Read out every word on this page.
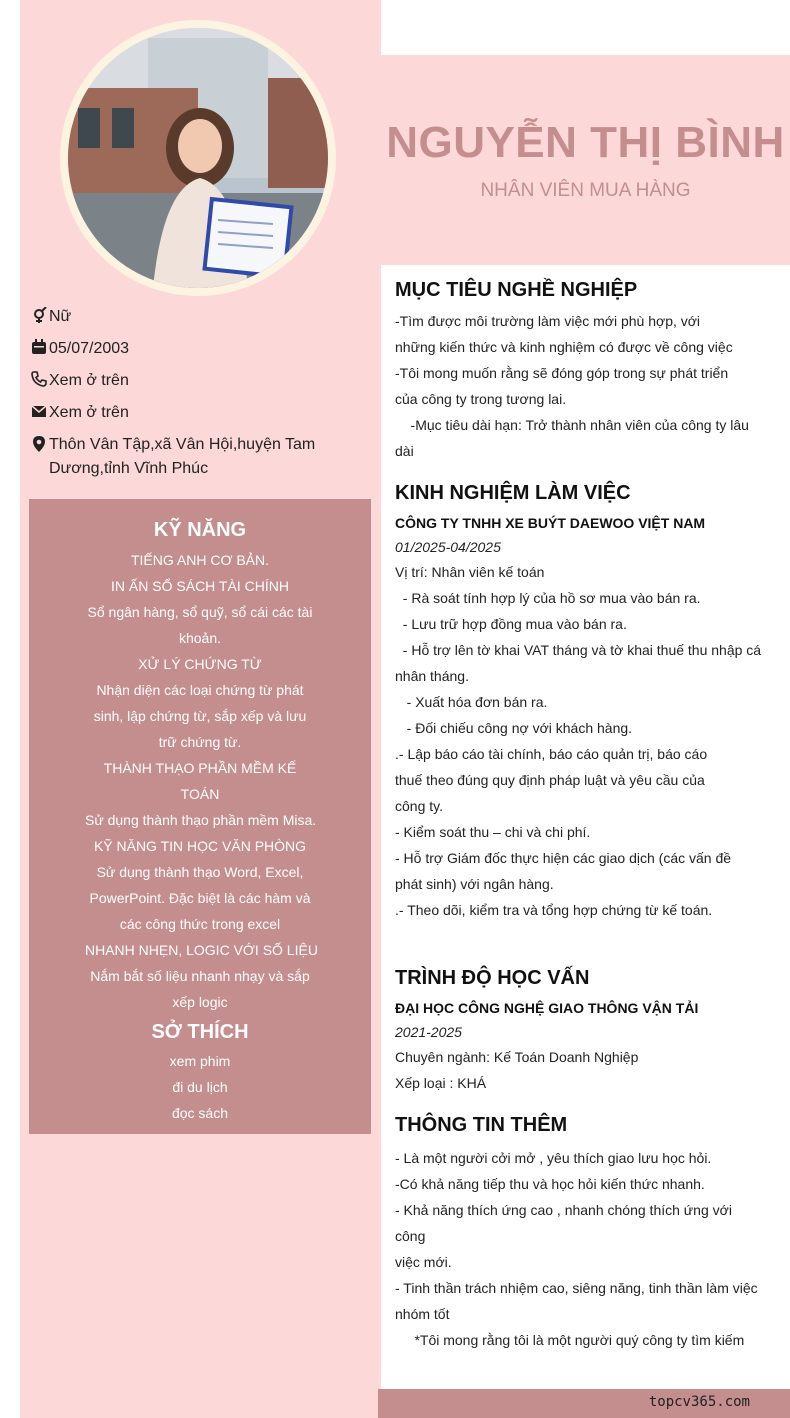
NGUYỄN THỊ BÌNH
NHÂN VIÊN MUA HÀNG
Nữ
05/07/2003
Xem ở trên
Xem ở trên
Thôn Vân Tập,xã Vân Hội,huyện Tam Dương,tỉnh Vĩnh Phúc
KỸ NĂNG
TIẾNG ANH CƠ BẢN.
IN ẤN SỔ SÁCH TÀI CHÍNH
Sổ ngân hàng, sổ quỹ, sổ cái các tài
khoản.
XỬ LÝ CHỨNG TỪ
Nhận diện các loại chứng từ phát
sinh, lập chứng từ, sắp xếp và lưu
trữ chứng từ.
THÀNH THẠO PHẦN MỀM KẾ
TOÁN
Sử dụng thành thạo phần mềm Misa.
KỸ NĂNG TIN HỌC VĂN PHÒNG
Sử dụng thành thạo Word, Excel,
PowerPoint. Đặc biệt là các hàm và
các công thức trong excel
NHANH NHẸN, LOGIC VỚI SỐ LIỆU
Nắm bắt số liệu nhanh nhạy và sắp
xếp logic
SỞ THÍCH
xem phim
đi du lịch
đọc sách
MỤC TIÊU NGHỀ NGHIỆP
-Tìm được môi trường làm việc mới phù hợp, với
những kiến thức và kinh nghiệm có được về công việc
-Tôi mong muốn rằng sẽ đóng góp trong sự phát triển
của công ty trong tương lai.
-Mục tiêu dài hạn: Trở thành nhân viên của công ty lâu
dài
KINH NGHIỆM LÀM VIỆC
CÔNG TY TNHH XE BUÝT DAEWOO VIỆT NAM
01/2025-04/2025
Vị trí: Nhân viên kế toán
- Rà soát tính hợp lý của hồ sơ mua vào bán ra.
- Lưu trữ hợp đồng mua vào bán ra.
- Hỗ trợ lên tờ khai VAT tháng và tờ khai thuế thu nhập cá
nhân tháng.
- Xuất hóa đơn bán ra.
- Đối chiếu công nợ với khách hàng.
.- Lập báo cáo tài chính, báo cáo quản trị, báo cáo
thuế theo đúng quy định pháp luật và yêu cầu của
công ty.
- Kiểm soát thu – chi và chi phí.
- Hỗ trợ Giám đốc thực hiện các giao dịch (các vấn đề
phát sinh) với ngân hàng.
.- Theo dõi, kiểm tra và tổng hợp chứng từ kế toán.
TRÌNH ĐỘ HỌC VẤN
ĐẠI HỌC CÔNG NGHỆ GIAO THÔNG VẬN TẢI
2021-2025
Chuyên ngành: Kế Toán Doanh Nghiệp
Xếp loại : KHÁ
THÔNG TIN THÊM
- Là một người cởi mở , yêu thích giao lưu học hỏi.
-Có khả năng tiếp thu và học hỏi kiến thức nhanh.
- Khả năng thích ứng cao , nhanh chóng thích ứng với
công
việc mới.
- Tinh thần trách nhiệm cao, siêng năng, tinh thần làm việc
nhóm tốt
*Tôi mong rằng tôi là một người quý công ty tìm kiếm
topcv365.com
